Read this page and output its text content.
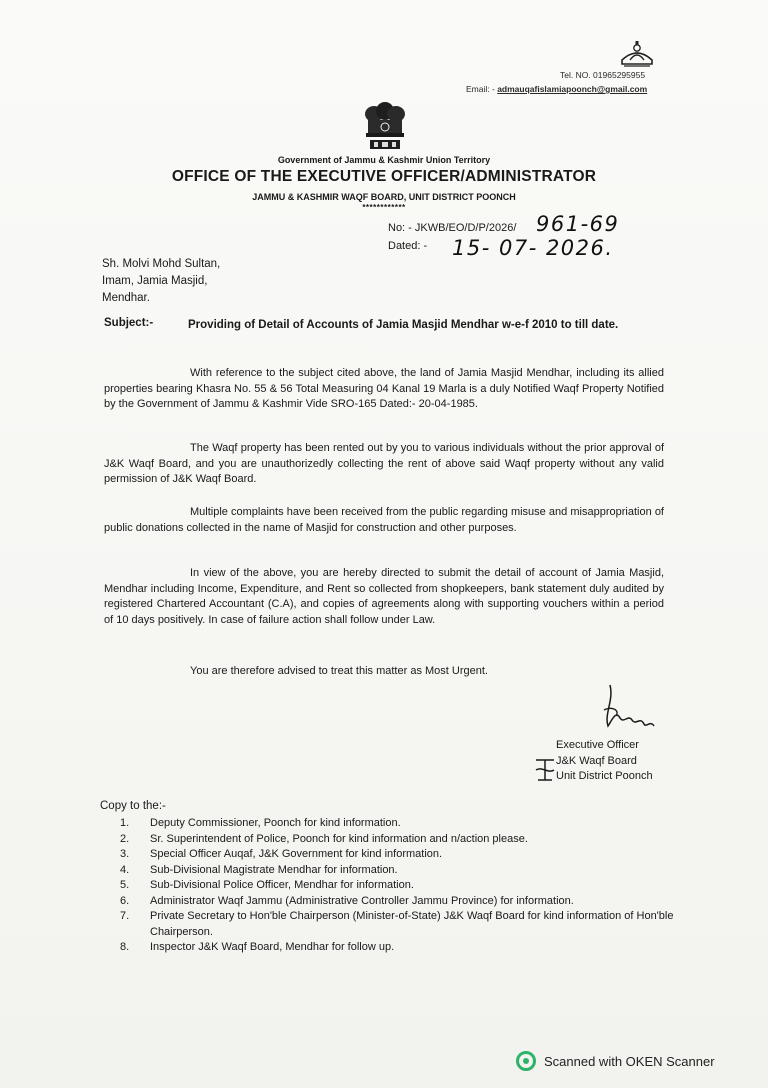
Tel. NO. 01965295955
Email: - admauqafislamiapoonch@gmail.com
Government of Jammu & Kashmir Union Territory
OFFICE OF THE EXECUTIVE OFFICER/ADMINISTRATOR
JAMMU & KASHMIR WAQF BOARD, UNIT DISTRICT POONCH
************
No: - JKWB/EO/D/P/2026/ 961-69
Dated: - 15- 07- 2026.
Sh. Molvi Mohd Sultan,
Imam, Jamia Masjid,
Mendhar.
Subject:-	Providing of Detail of Accounts of Jamia Masjid Mendhar w-e-f 2010 to till date.

With reference to the subject cited above, the land of Jamia Masjid Mendhar, including its allied properties bearing Khasra No. 55 & 56 Total Measuring 04 Kanal 19 Marla is a duly Notified Waqf Property Notified by the Government of Jammu & Kashmir Vide SRO-165 Dated:- 20-04-1985.

The Waqf property has been rented out by you to various individuals without the prior approval of J&K Waqf Board, and you are unauthorizedly collecting the rent of above said Waqf property without any valid permission of J&K Waqf Board.

Multiple complaints have been received from the public regarding misuse and misappropriation of public donations collected in the name of Masjid for construction and other purposes.

In view of the above, you are hereby directed to submit the detail of account of Jamia Masjid, Mendhar including Income, Expenditure, and Rent so collected from shopkeepers, bank statement duly audited by registered Chartered Accountant (C.A), and copies of agreements along with supporting vouchers within a period of 10 days positively. In case of failure action shall follow under Law.

You are therefore advised to treat this matter as Most Urgent.
Executive Officer
J&K Waqf Board
Unit District Poonch
Copy to the:-
1.	Deputy Commissioner, Poonch for kind information.
2.	Sr. Superintendent of Police, Poonch for kind information and n/action please.
3.	Special Officer Auqaf, J&K Government for kind information.
4.	Sub-Divisional Magistrate Mendhar for information.
5.	Sub-Divisional Police Officer, Mendhar for information.
6.	Administrator Waqf Jammu (Administrative Controller Jammu Province) for information.
7.	Private Secretary to Hon'ble Chairperson (Minister-of-State) J&K Waqf Board for kind information of Hon'ble Chairperson.
8.	Inspector J&K Waqf Board, Mendhar for follow up.
Scanned with OKEN Scanner
